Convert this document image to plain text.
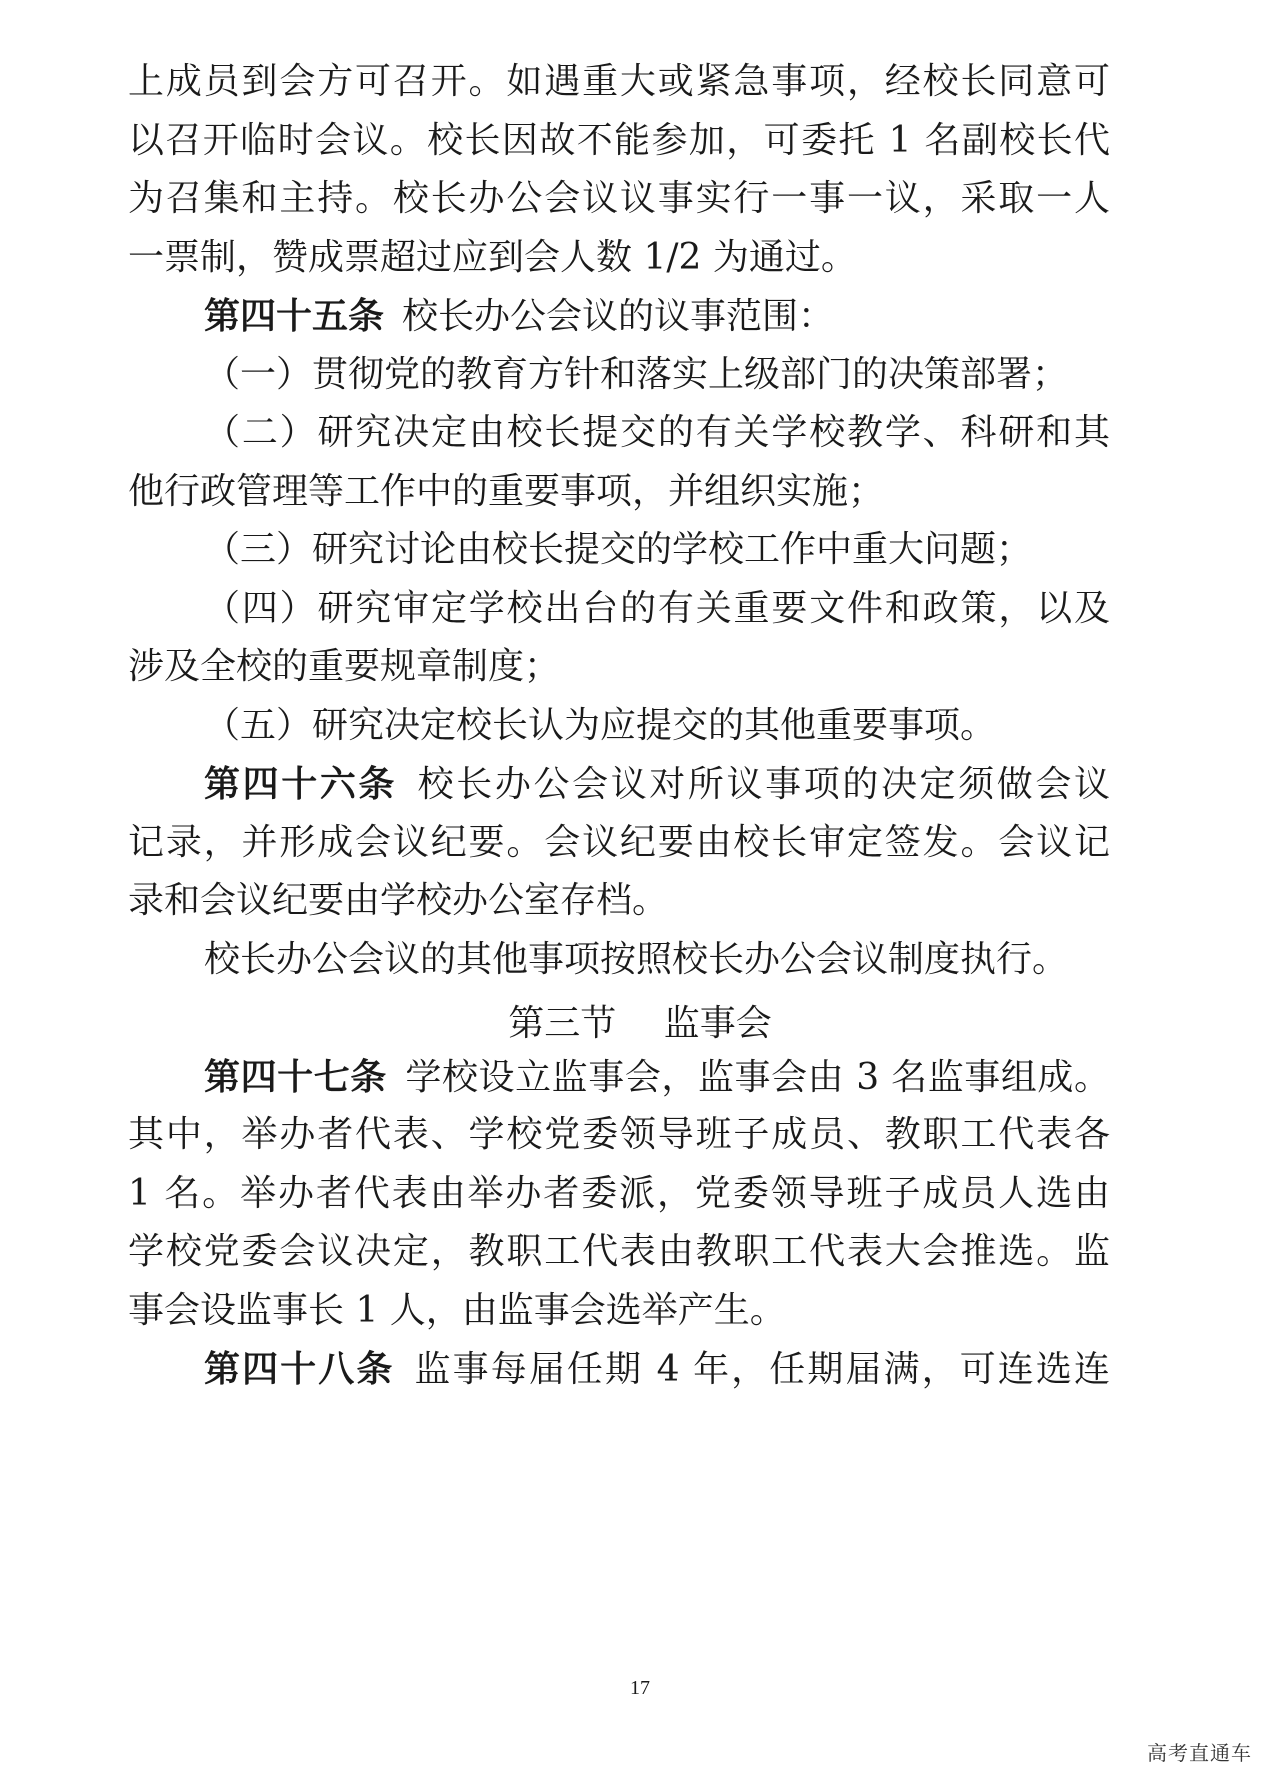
上成员到会方可召开。如遇重大或紧急事项，经校长同意可
以召开临时会议。校长因故不能参加，可委托 1 名副校长代
为召集和主持。校长办公会议议事实行一事一议，采取一人
一票制，赞成票超过应到会人数 1/2 为通过。
第四十五条  校长办公会议的议事范围：
（一）贯彻党的教育方针和落实上级部门的决策部署；
（二）研究决定由校长提交的有关学校教学、科研和其
他行政管理等工作中的重要事项，并组织实施；
（三）研究讨论由校长提交的学校工作中重大问题；
（四）研究审定学校出台的有关重要文件和政策，以及
涉及全校的重要规章制度；
（五）研究决定校长认为应提交的其他重要事项。
第四十六条  校长办公会议对所议事项的决定须做会议
记录，并形成会议纪要。会议纪要由校长审定签发。会议记
录和会议纪要由学校办公室存档。
校长办公会议的其他事项按照校长办公会议制度执行。
第三节　 监事会
第四十七条  学校设立监事会，监事会由 3 名监事组成。
其中，举办者代表、学校党委领导班子成员、教职工代表各
1 名。举办者代表由举办者委派，党委领导班子成员人选由
学校党委会议决定，教职工代表由教职工代表大会推选。监
事会设监事长 1 人，由监事会选举产生。
第四十八条  监事每届任期 4 年，任期届满，可连选连
17
高考直通车
